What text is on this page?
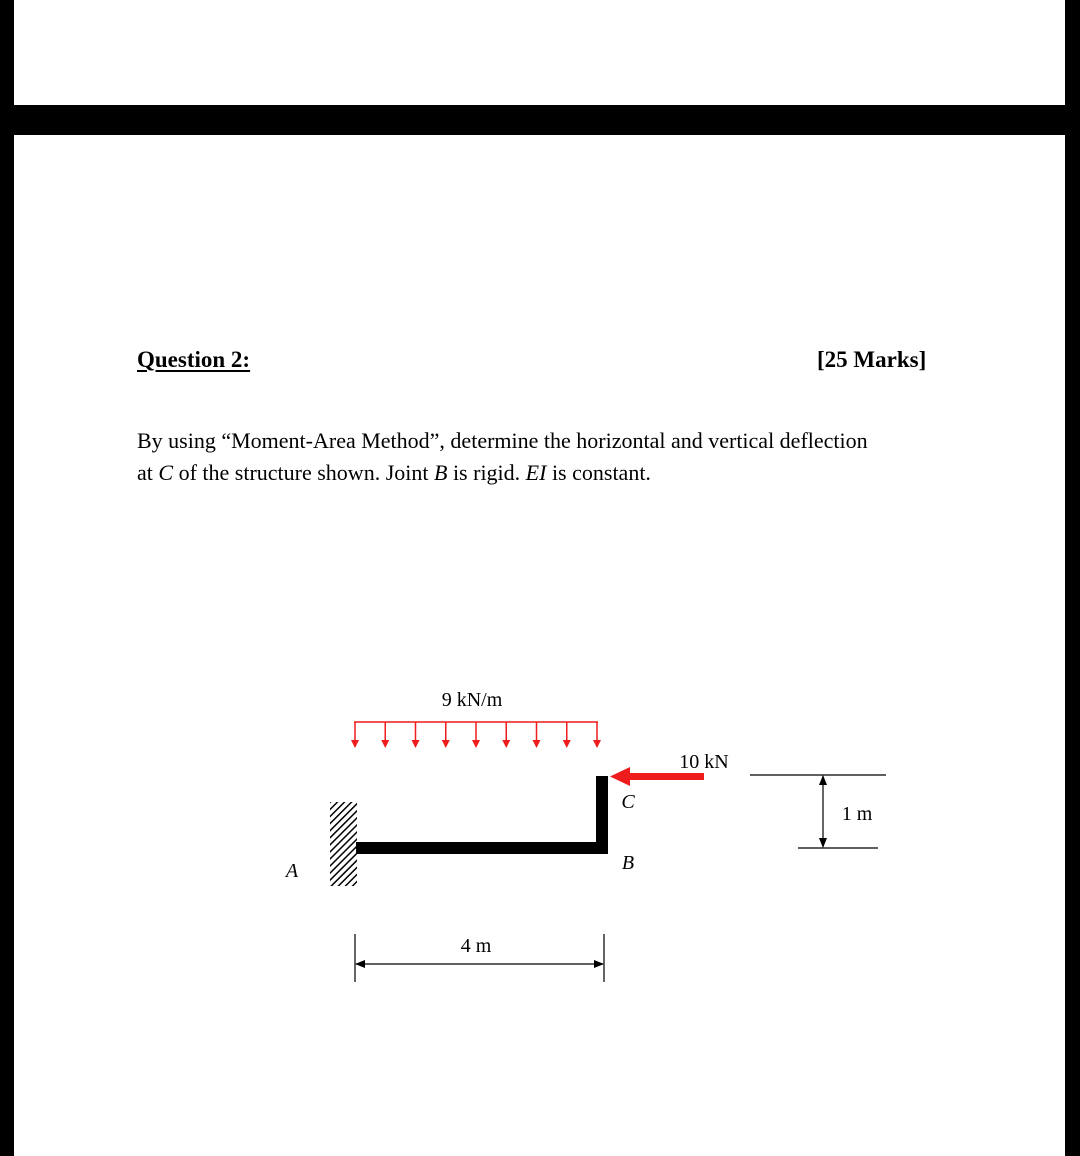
Question 2:	[25 Marks]

By using “Moment-Area Method”, determine the horizontal and vertical deflection

at C of the structure shown. Joint B is rigid. EI is constant.

9 kN/m
10 kN
A	B
C
4 m
1 m
